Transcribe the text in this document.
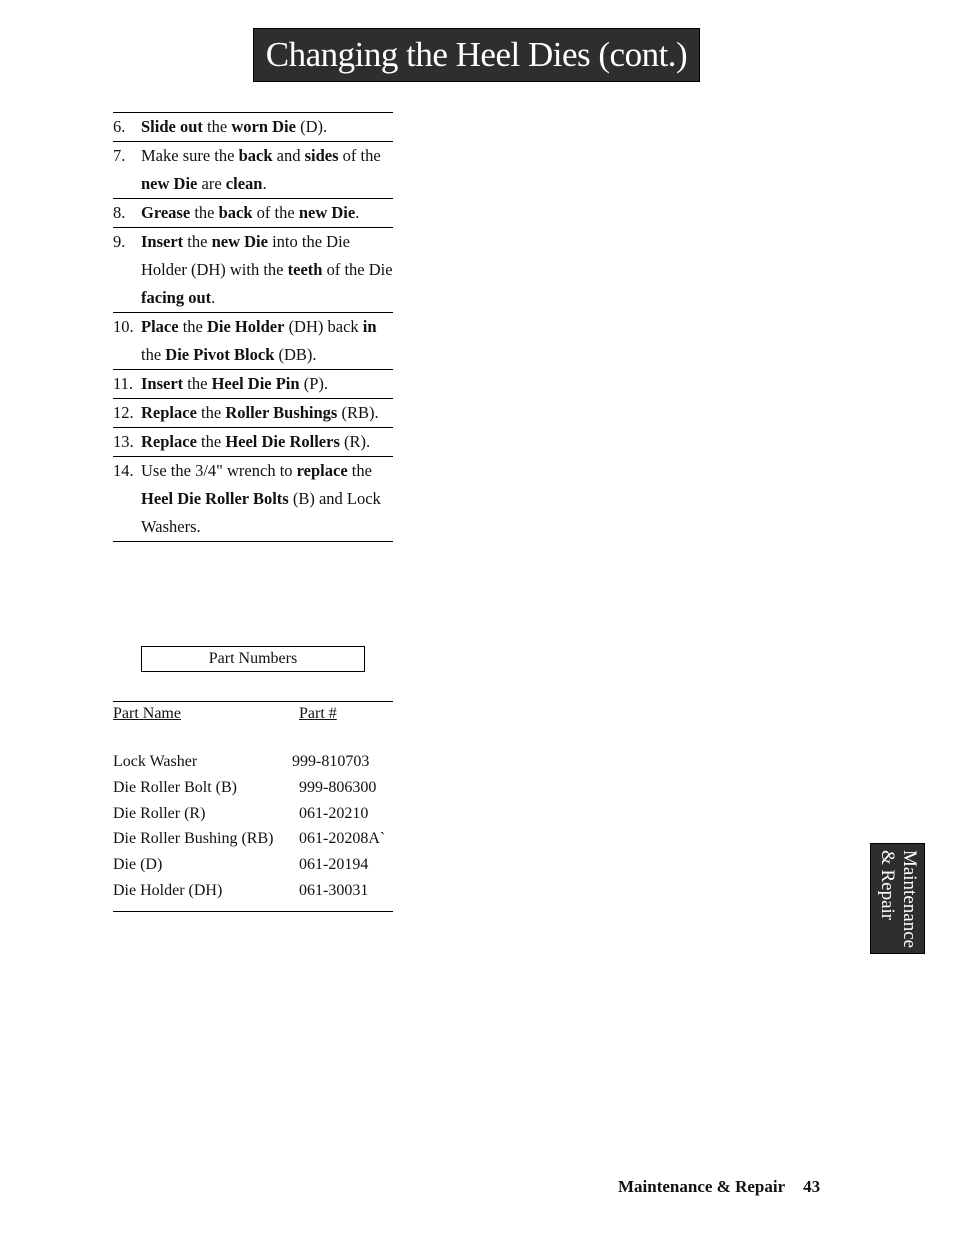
Changing the Heel Dies (cont.)
6. Slide out the worn Die (D).
7. Make sure the back and sides of the new Die are clean.
8. Grease the back of the new Die.
9. Insert the new Die into the Die Holder (DH) with the teeth of the Die facing out.
10. Place the Die Holder (DH) back in the Die Pivot Block (DB).
11. Insert the Heel Die Pin (P).
12. Replace the Roller Bushings (RB).
13. Replace the Heel Die Rollers (R).
14. Use the 3/4" wrench to replace the Heel Die Roller Bolts (B) and Lock Washers.
Part Numbers
Part Name	Part #
Lock Washer	999-810703
Die Roller Bolt (B)	999-806300
Die Roller (R)	061-20210
Die Roller Bushing (RB) 061-20208A`
Die (D)	061-20194
Die Holder (DH)	061-30031	Maintenance
& Repair
Maintenance & Repair 43
